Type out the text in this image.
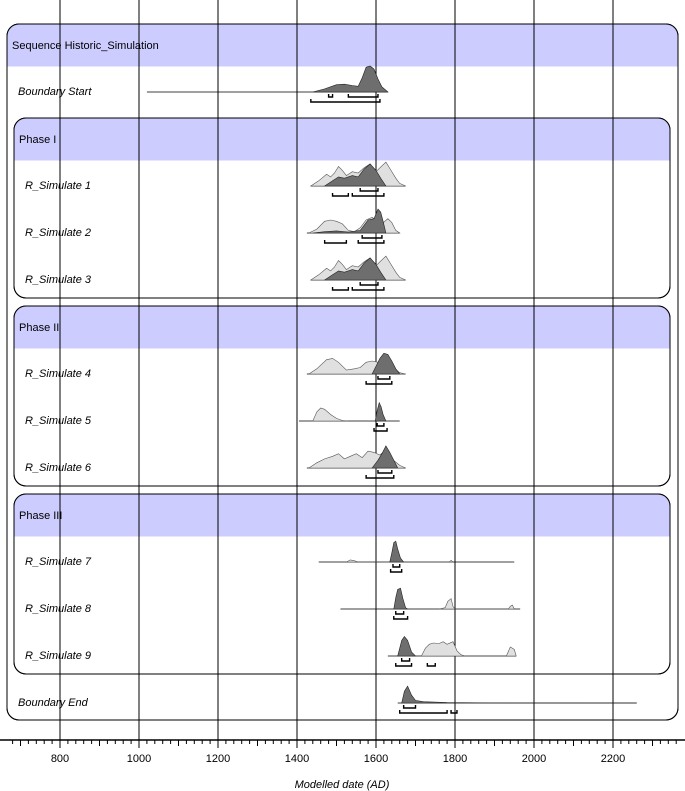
Sequence Historic_Simulation
Phase I
Phase II
Phase III
Boundary Start
R_Simulate 1
R_Simulate 2
R_Simulate 3
R_Simulate 4
R_Simulate 5
R_Simulate 6
R_Simulate 7
R_Simulate 8
R_Simulate 9
Boundary End
800	1000	1200	1400	1600	1800	2000	2200
Modelled date (AD)
